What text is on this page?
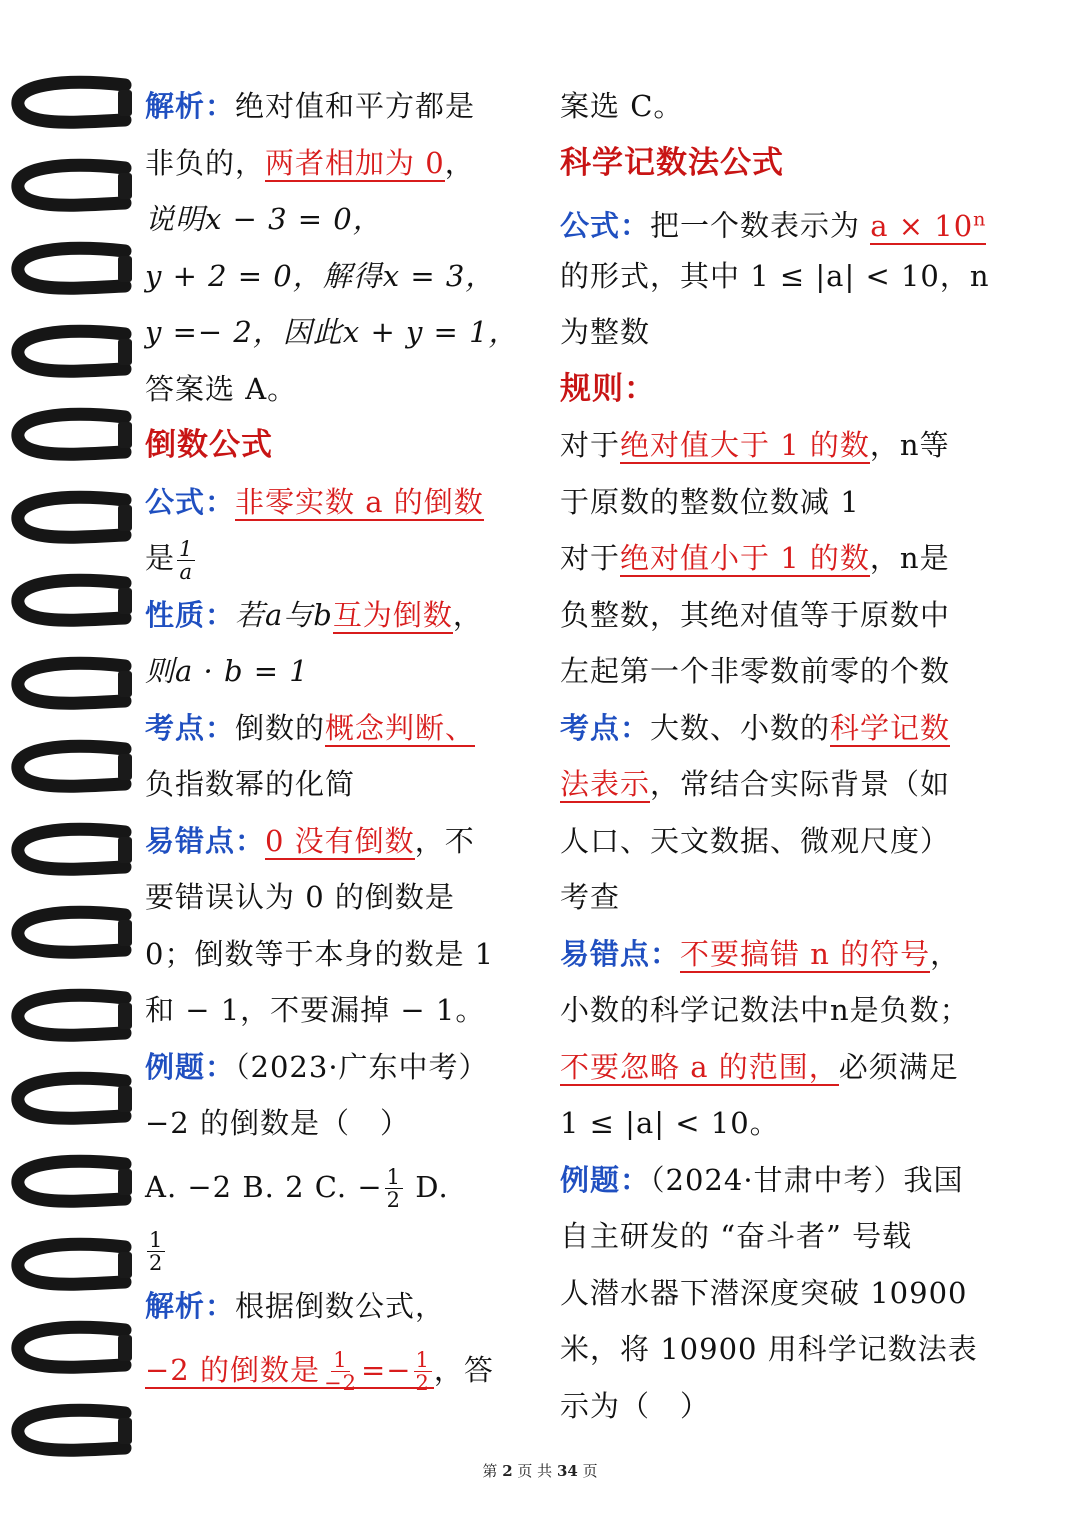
解析：绝对值和平方都是
非负的，两者相加为 0，
说明x − 3 = 0，
y + 2 = 0，解得x = 3，
y =− 2，因此x + y = 1，
答案选 A。
倒数公式
公式：非零实数 a 的倒数
是 $\frac{1}{a}$
性质：若a与b互为倒数，
则a · b = 1
考点：倒数的概念判断、
负指数幂的化简
易错点：0 没有倒数，不
要错误认为 0 的倒数是
0；倒数等于本身的数是 1
和 − 1，不要漏掉 − 1。
例题：（2023·广东中考）
−2 的倒数是（　）
A. −2 B. 2 C. − $\frac{1}{2} D$.
$\frac{1}{2}$
解析：根据倒数公式，
−2 的倒数是 $\frac{1}{-2} =- \frac{1}{2}$ ，答
案选 C。
科学记数法公式
公式：把一个数表示为 $a \times 10^n$
的形式，其中 1 ≤ |a| < 10，n
为整数
规则：
对于绝对值大于 1 的数，n等
于原数的整数位数减 1
对于绝对值小于 1 的数，n是
负整数，其绝对值等于原数中
左起第一个非零数前零的个数
考点：大数、小数的科学记数
法表示，常结合实际背景（如
人口、天文数据、微观尺度）
考查
易错点：不要搞错 n 的符号，
小数的科学记数法中n是负数；
不要忽略 a 的范围，必须满足
1 ≤ |a| < 10。
例题：（2024·甘肃中考）我国
自主研发的 “奋斗者” 号载
人潜水器下潜深度突破 10900
米，将 10900 用科学记数法表
示为（　）
第 2 页 共 34 页
